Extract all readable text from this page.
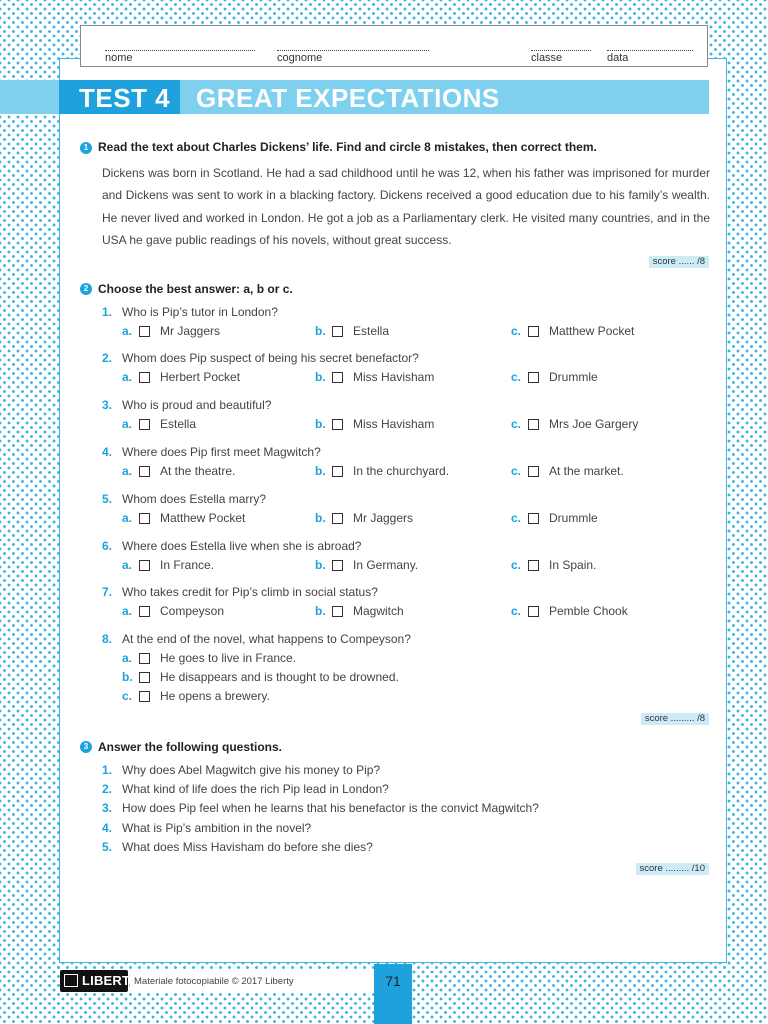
nome	cognome	classe	data
TEST 4 GREAT EXPECTATIONS
1 Read the text about Charles Dickens’ life. Find and circle 8 mistakes, then correct them.
Dickens was born in Scotland. He had a sad childhood until he was 12, when his father was imprisoned for murder and Dickens was sent to work in a blacking factory. Dickens received a good education due to his family’s wealth. He never lived and worked in London. He got a job as a Parliamentary clerk. He visited many countries, and in the USA he gave public readings of his novels, without great success.
score ...... /8
2 Choose the best answer: a, b or c.
1. Who is Pip’s tutor in London?
a. Mr Jaggers	b. Estella	c. Matthew Pocket
2. Whom does Pip suspect of being his secret benefactor?
a. Herbert Pocket	b. Miss Havisham	c. Drummle
3. Who is proud and beautiful?
a. Estella	b. Miss Havisham	c. Mrs Joe Gargery
4. Where does Pip first meet Magwitch?
a. At the theatre.	b. In the churchyard.	c. At the market.
5. Whom does Estella marry?
a. Matthew Pocket	b. Mr Jaggers	c. Drummle
6. Where does Estella live when she is abroad?
a. In France.	b. In Germany.	c. In Spain.
7. Who takes credit for Pip’s climb in social status?
a. Compeyson	b. Magwitch	c. Pemble Chook
8. At the end of the novel, what happens to Compeyson?
a. He goes to live in France.
b. He disappears and is thought to be drowned.
c. He opens a brewery.
score ......... /8
3 Answer the following questions.
1. Why does Abel Magwitch give his money to Pip?
2. What kind of life does the rich Pip lead in London?
3. How does Pip feel when he learns that his benefactor is the convict Magwitch?
4. What is Pip’s ambition in the novel?
5. What does Miss Havisham do before she dies?
score ......... /10
LIBERTY
Materiale fotocopiabile © 2017 Liberty	71
